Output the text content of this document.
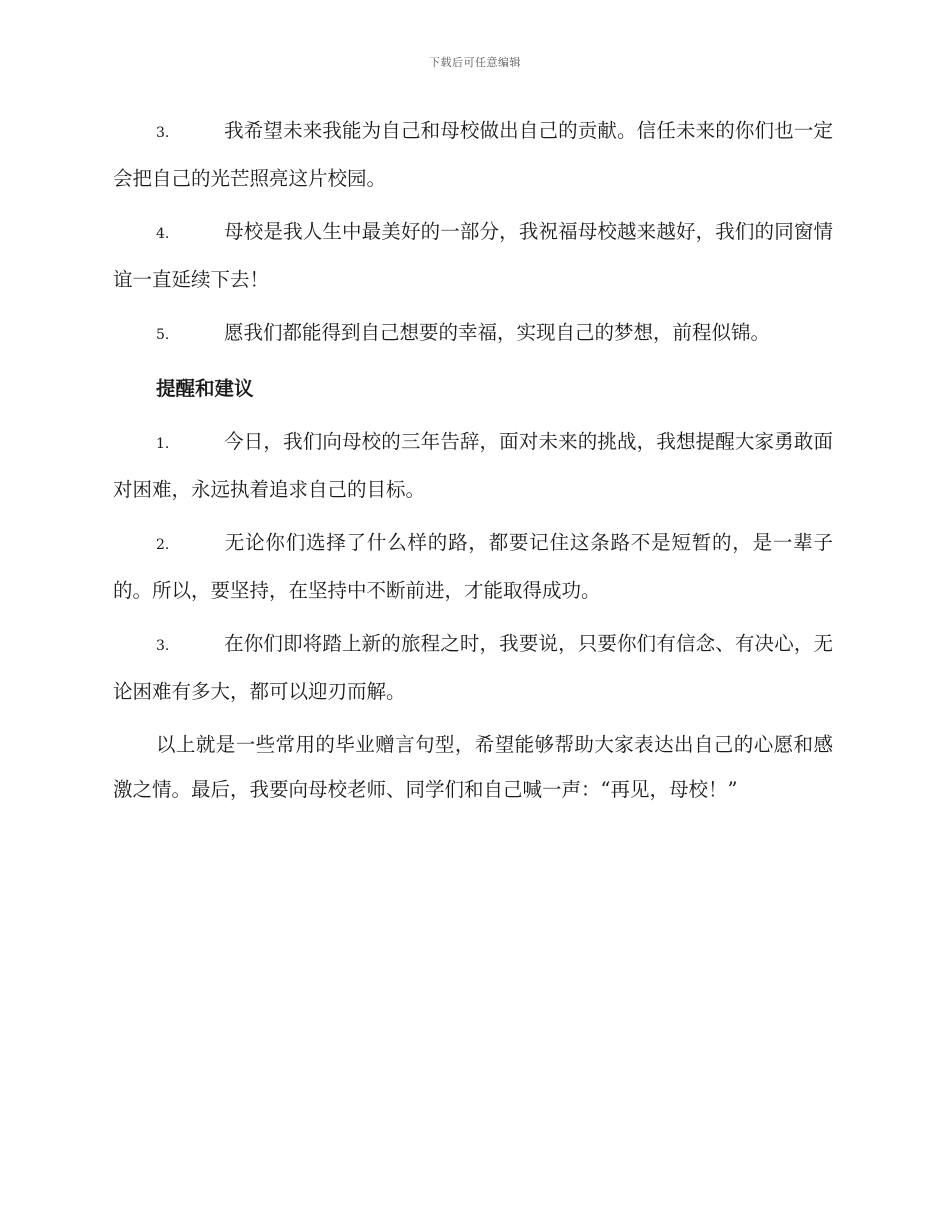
下载后可任意编辑

3.	我希望未来我能为自己和母校做出自己的贡献。信任未来的你们也一定会把自己的光芒照亮这片校园。

4.	母校是我人生中最美好的一部分，我祝福母校越来越好，我们的同窗情谊一直延续下去！

5.	愿我们都能得到自己想要的幸福，实现自己的梦想，前程似锦。

提醒和建议

1.	今日，我们向母校的三年告辞，面对未来的挑战，我想提醒大家勇敢面对困难，永远执着追求自己的目标。

2.	无论你们选择了什么样的路，都要记住这条路不是短暂的，是一辈子的。所以，要坚持，在坚持中不断前进，才能取得成功。

3.	在你们即将踏上新的旅程之时，我要说，只要你们有信念、有决心，无论困难有多大，都可以迎刃而解。

以上就是一些常用的毕业赠言句型，希望能够帮助大家表达出自己的心愿和感激之情。最后，我要向母校老师、同学们和自己喊一声：“再见，母校！”
